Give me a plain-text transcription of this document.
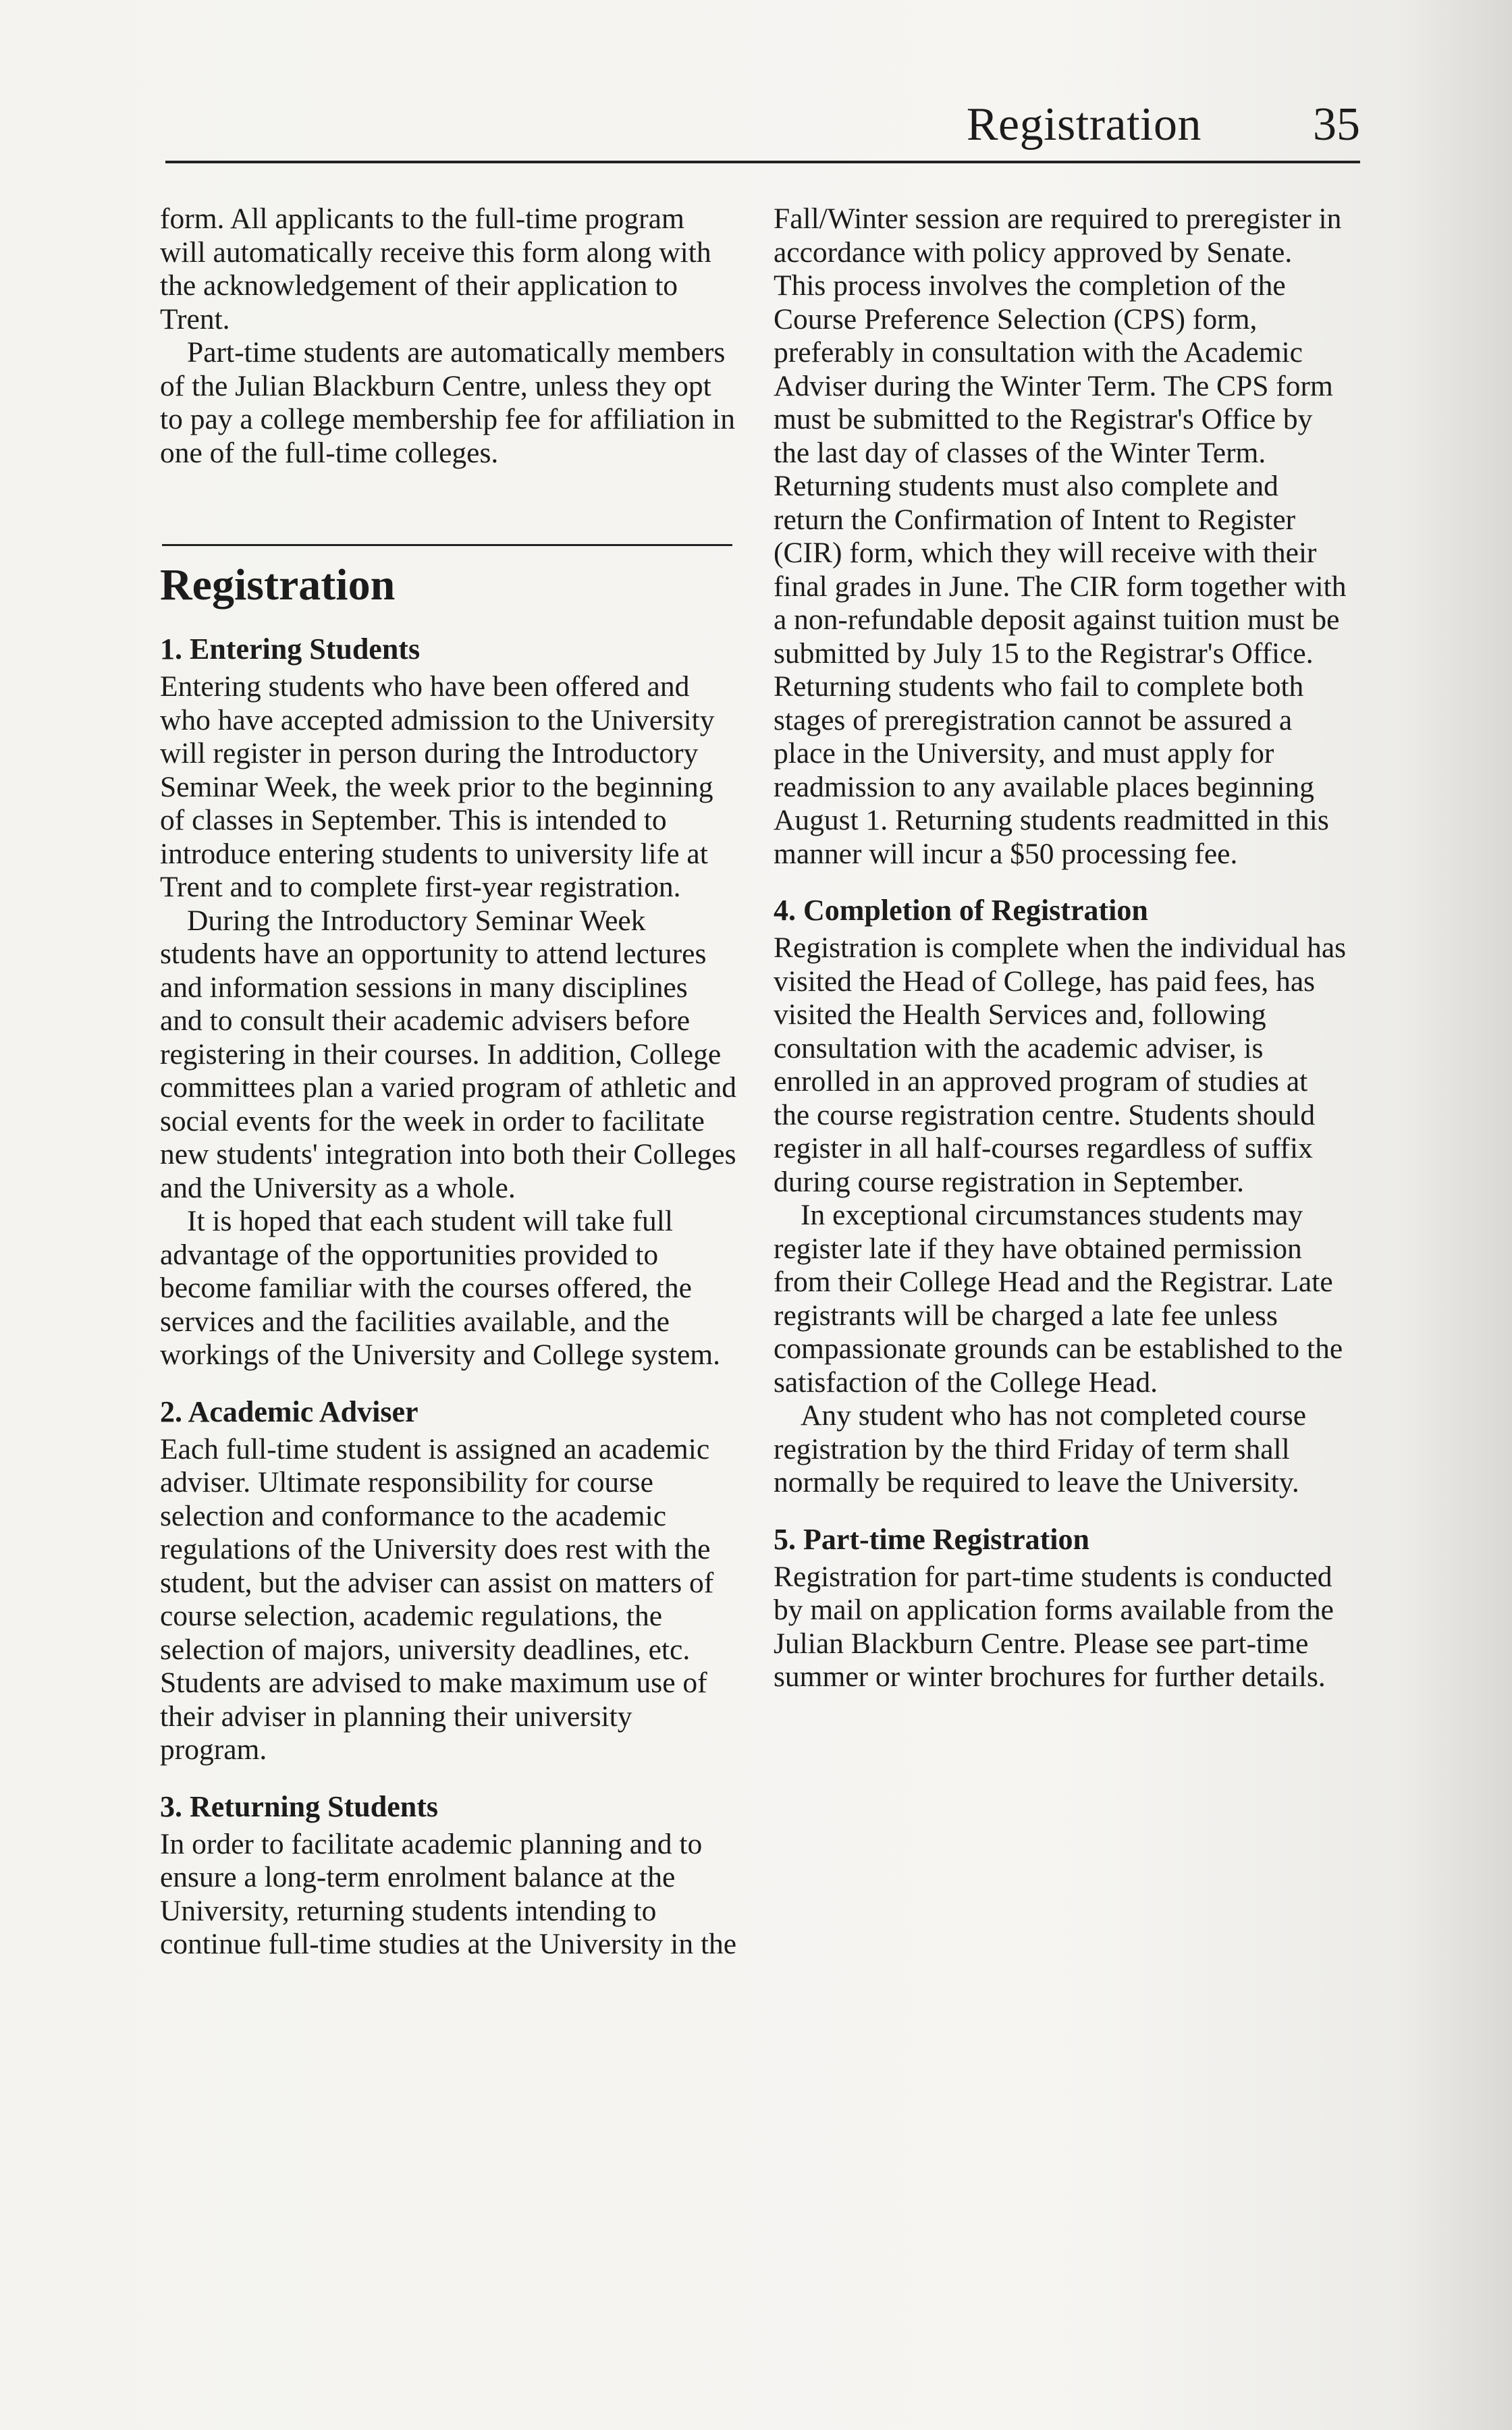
Registration 35

form. All applicants to the full-time program will automatically receive this form along with the acknowledgement of their application to Trent.

Part-time students are automatically members of the Julian Blackburn Centre, unless they opt to pay a college membership fee for affiliation in one of the full-time colleges.

Registration
1. Entering Students

Entering students who have been offered and who have accepted admission to the University will register in person during the Introductory Seminar Week, the week prior to the beginning of classes in September. This is intended to introduce entering students to university life at Trent and to complete first-year registration.

During the Introductory Seminar Week students have an opportunity to attend lectures and information sessions in many disciplines and to consult their academic advisers before registering in their courses. In addition, College committees plan a varied program of athletic and social events for the week in order to facilitate new students' integration into both their Colleges and the University as a whole.

It is hoped that each student will take full advantage of the opportunities provided to become familiar with the courses offered, the services and the facilities available, and the workings of the University and College system.

2. Academic Adviser

Each full-time student is assigned an academic adviser. Ultimate responsibility for course selection and conformance to the academic regulations of the University does rest with the student, but the adviser can assist on matters of course selection, academic regulations, the selection of majors, university deadlines, etc. Students are advised to make maximum use of their adviser in planning their university program.

3. Returning Students

In order to facilitate academic planning and to ensure a long-term enrolment balance at the University, returning students intending to continue full-time studies at the University in the

Fall/Winter session are required to preregister in accordance with policy approved by Senate. This process involves the completion of the Course Preference Selection (CPS) form, preferably in consultation with the Academic Adviser during the Winter Term. The CPS form must be submitted to the Registrar's Office by the last day of classes of the Winter Term. Returning students must also complete and return the Confirmation of Intent to Register (CIR) form, which they will receive with their final grades in June. The CIR form together with a non-refundable deposit against tuition must be submitted by July 15 to the Registrar's Office. Returning students who fail to complete both stages of preregistration cannot be assured a place in the University, and must apply for readmission to any available places beginning August 1. Returning students readmitted in this manner will incur a $50 processing fee.

4. Completion of Registration

Registration is complete when the individual has visited the Head of College, has paid fees, has visited the Health Services and, following consultation with the academic adviser, is enrolled in an approved program of studies at the course registration centre. Students should register in all half-courses regardless of suffix during course registration in September.

In exceptional circumstances students may register late if they have obtained permission from their College Head and the Registrar. Late registrants will be charged a late fee unless compassionate grounds can be established to the satisfaction of the College Head.

Any student who has not completed course registration by the third Friday of term shall normally be required to leave the University.

5. Part-time Registration

Registration for part-time students is conducted by mail on application forms available from the Julian Blackburn Centre. Please see part-time summer or winter brochures for further details.
